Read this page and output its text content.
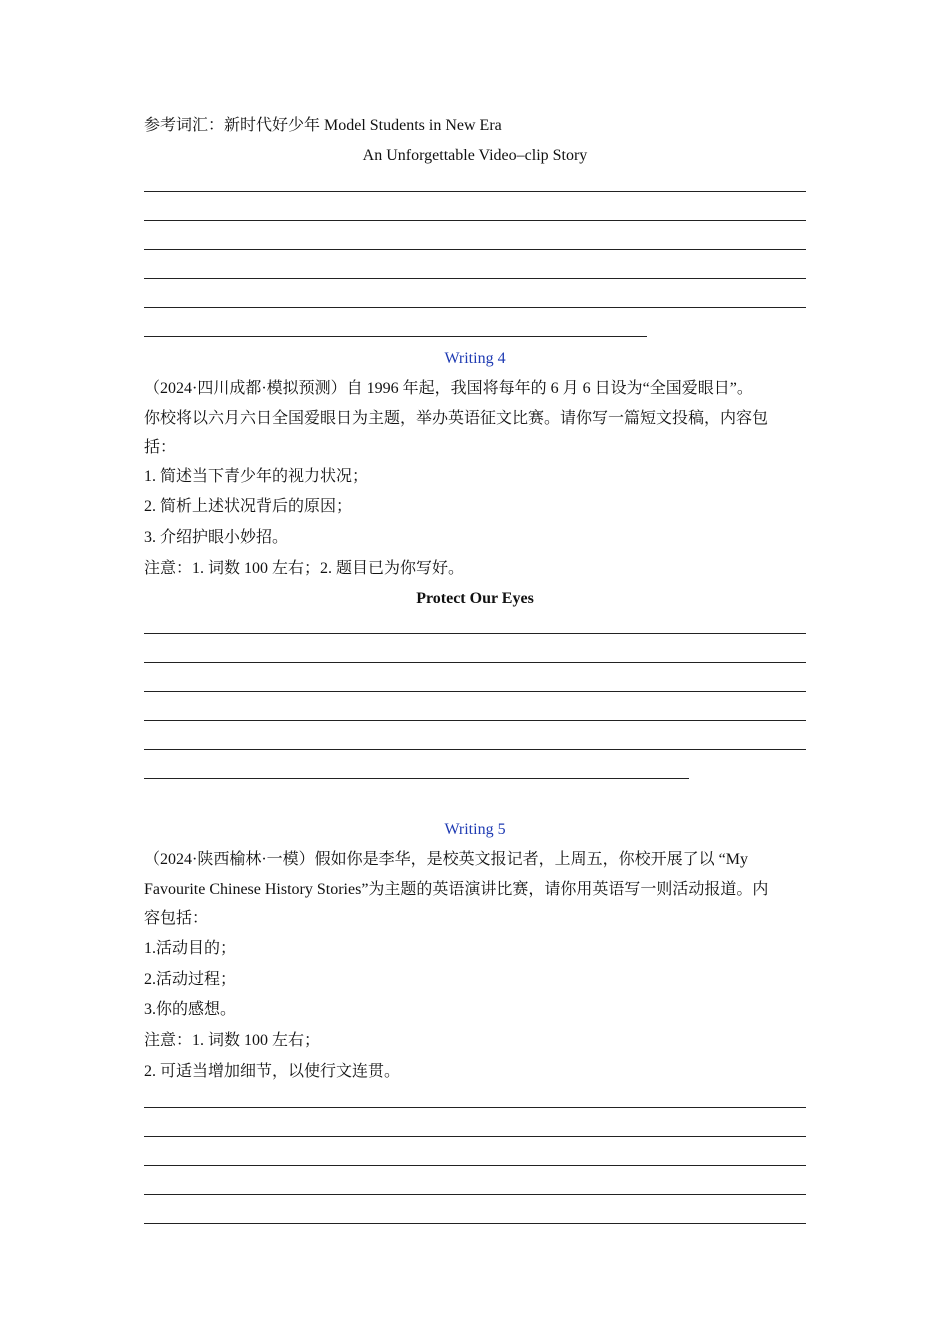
参考词汇：新时代好少年 Model Students in New Era
An Unforgettable Video–clip Story
Writing 4
（2024·四川成都·模拟预测）自 1996 年起，我国将每年的 6 月 6 日设为“全国爱眼日”。
你校将以六月六日全国爱眼日为主题，举办英语征文比赛。请你写一篇短文投稿，内容包
括：
1. 简述当下青少年的视力状况；
2. 简析上述状况背后的原因；
3. 介绍护眼小妙招。
注意：1. 词数 100 左右；2. 题目已为你写好。
Protect Our Eyes
Writing 5
（2024·陕西榆林·一模）假如你是李华，是校英文报记者，上周五，你校开展了以 “My
Favourite Chinese History Stories”为主题的英语演讲比赛，请你用英语写一则活动报道。内
容包括：
1.活动目的；
2.活动过程；
3.你的感想。
注意：1. 词数 100 左右；
2. 可适当增加细节，以使行文连贯。
